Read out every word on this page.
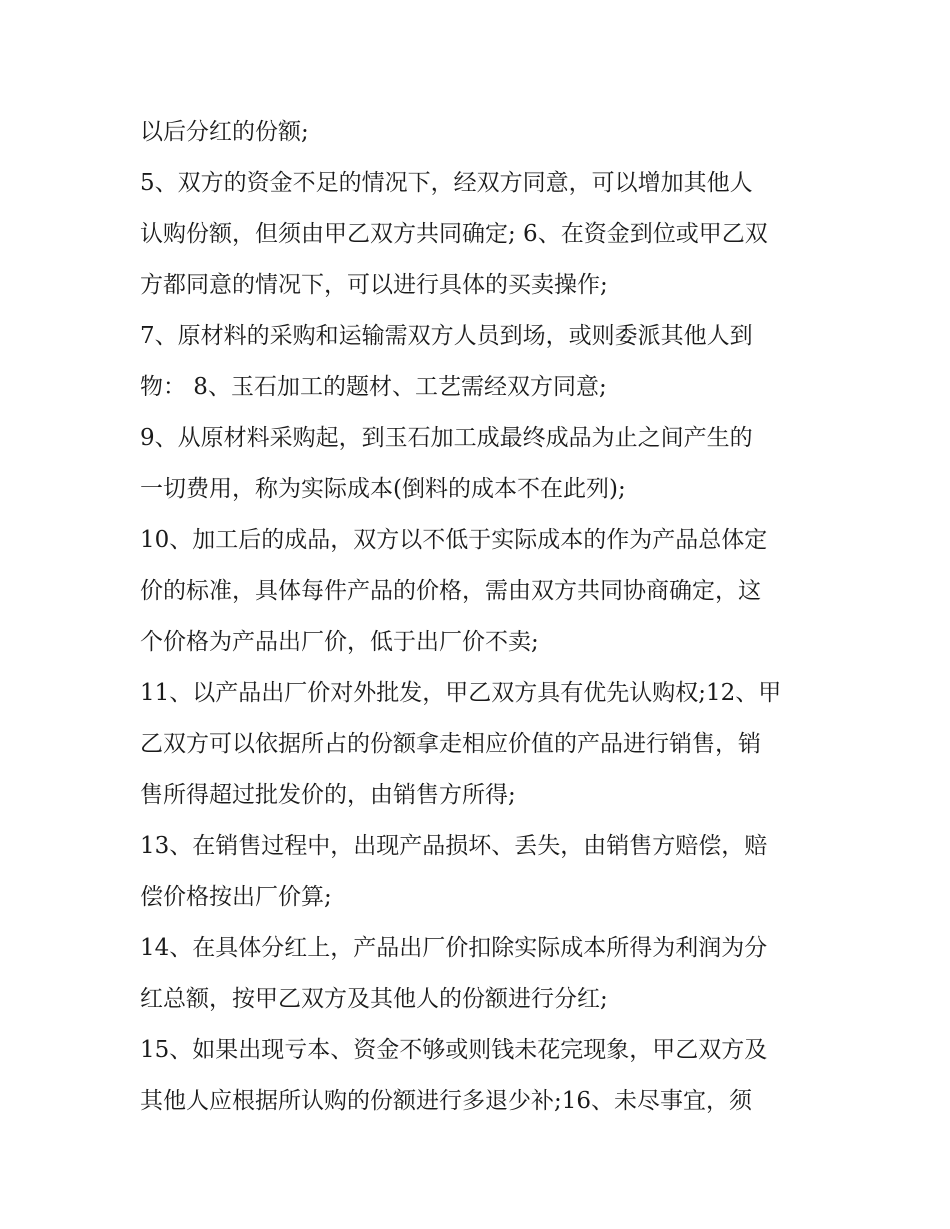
以后分红的份额;
5、双方的资金不足的情况下，经双方同意，可以增加其他人
认购份额，但须由甲乙双方共同确定; 6、在资金到位或甲乙双
方都同意的情况下，可以进行具体的买卖操作;
7、原材料的采购和运输需双方人员到场，或则委派其他人到
物： 8、玉石加工的题材、工艺需经双方同意;
9、从原材料采购起，到玉石加工成最终成品为止之间产生的
一切费用，称为实际成本(倒料的成本不在此列);
10、加工后的成品，双方以不低于实际成本的作为产品总体定
价的标准，具体每件产品的价格，需由双方共同协商确定，这
个价格为产品出厂价，低于出厂价不卖;
11、以产品出厂价对外批发，甲乙双方具有优先认购权;12、甲
乙双方可以依据所占的份额拿走相应价值的产品进行销售，销
售所得超过批发价的，由销售方所得;
13、在销售过程中，出现产品损坏、丢失，由销售方赔偿，赔
偿价格按出厂价算;
14、在具体分红上，产品出厂价扣除实际成本所得为利润为分
红总额，按甲乙双方及其他人的份额进行分红;
15、如果出现亏本、资金不够或则钱未花完现象，甲乙双方及
其他人应根据所认购的份额进行多退少补;16、未尽事宜，须
